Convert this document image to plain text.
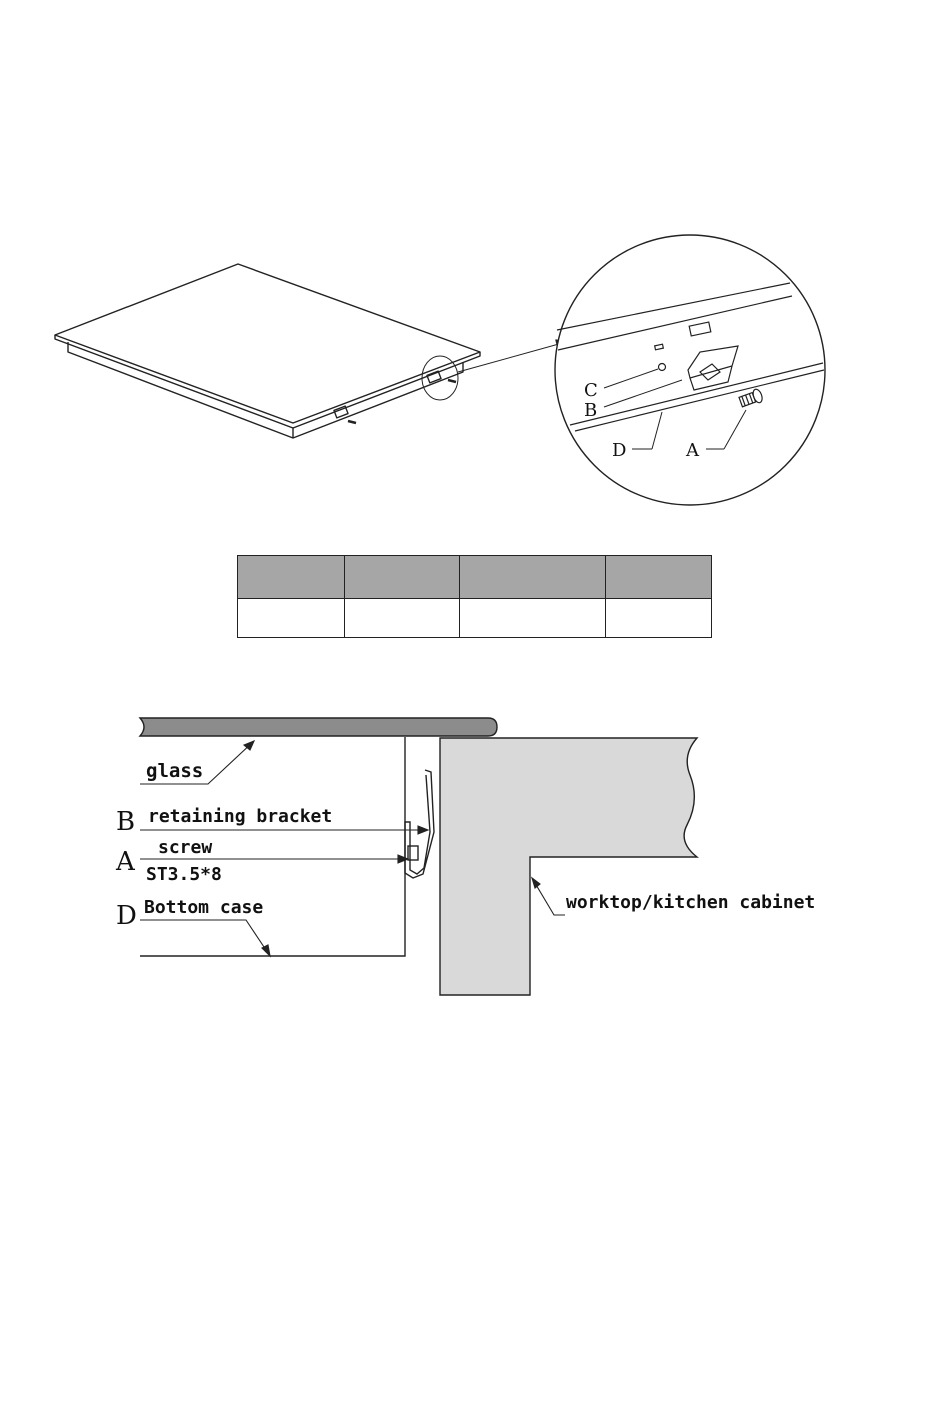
C
B
D	A

glass
retaining bracket
screw
ST3.5*8
Bottom case	worktop/kitchen cabinet
B
A
D
